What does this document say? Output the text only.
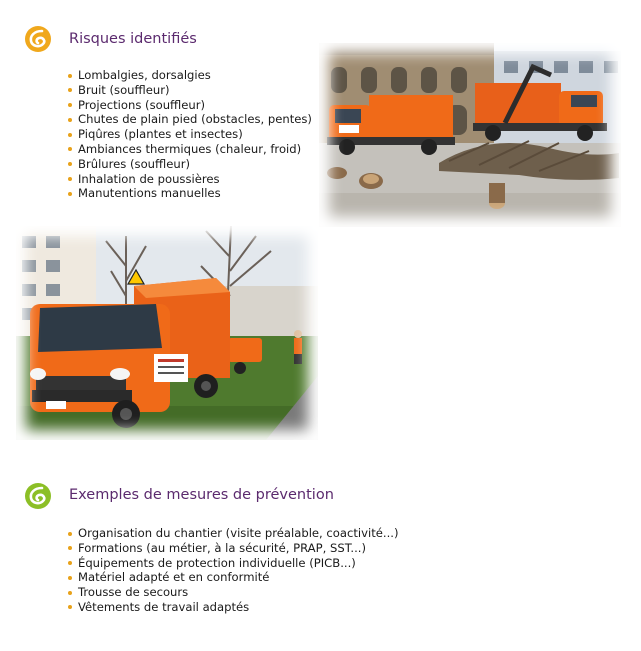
Risques identifiés
Lombalgies, dorsalgies
Bruit (souffleur)
Projections (souffleur)
Chutes de plain pied (obstacles, pentes)
Piqûres (plantes et insectes)
Ambiances thermiques (chaleur, froid)
Brûlures (souffleur)
Inhalation de poussières
Manutentions manuelles
Exemples de mesures de prévention
Organisation du chantier (visite préalable, coactivité...)
Formations (au métier, à la sécurité, PRAP, SST...)
Équipements de protection individuelle (PICB...)
Matériel adapté et en conformité
Trousse de secours
Vêtements de travail adaptés
